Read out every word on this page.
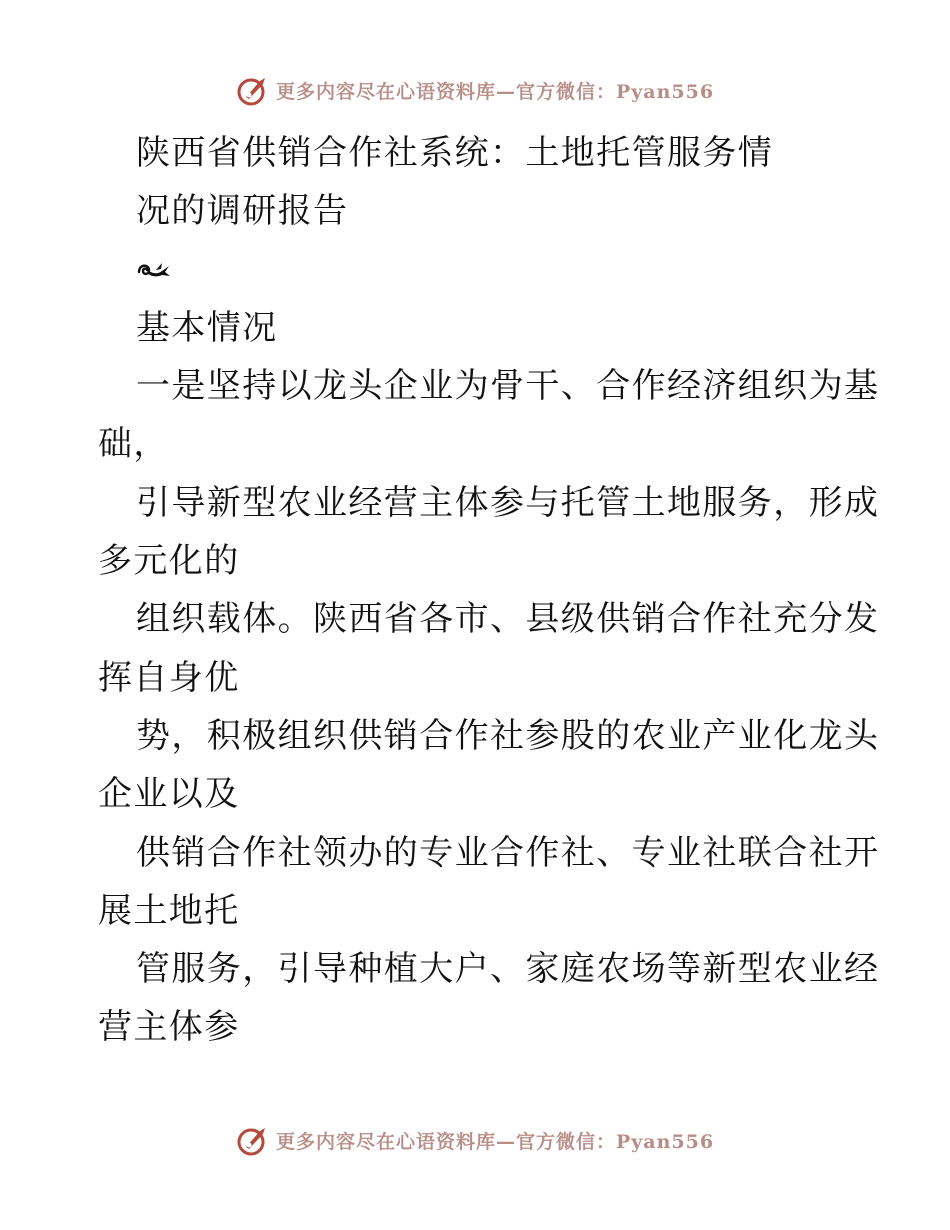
更多内容尽在心语资料库—官方微信：Pyan556
陕西省供销合作社系统：土地托管服务情
况的调研报告
基本情况
一是坚持以龙头企业为骨干、合作经济组织为基
础，
引导新型农业经营主体参与托管土地服务，形成
多元化的
组织载体。陕西省各市、县级供销合作社充分发
挥自身优
势，积极组织供销合作社参股的农业产业化龙头
企业以及
供销合作社领办的专业合作社、专业社联合社开
展土地托
管服务，引导种植大户、家庭农场等新型农业经
营主体参
更多内容尽在心语资料库—官方微信：Pyan556
